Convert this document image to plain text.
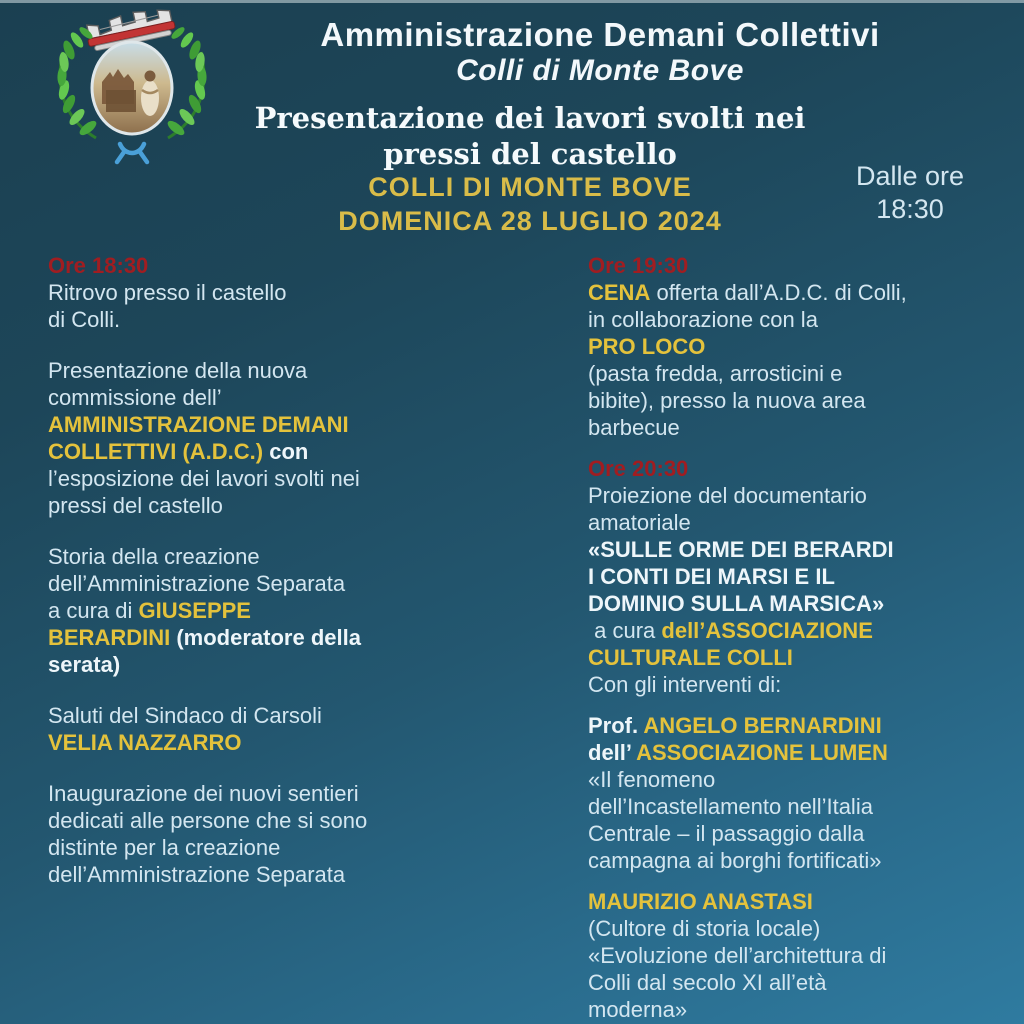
Amministrazione Demani Collettivi
Colli di Monte Bove
Presentazione dei lavori svolti nei
pressi del castello
COLLI DI MONTE BOVE
DOMENICA 28 LUGLIO 2024
Dalle ore
18:30

Ore 18:30
Ritrovo presso il castello
di Colli.

Presentazione della nuova
commissione dell’
AMMINISTRAZIONE DEMANI
COLLETTIVI (A.D.C.) con
l’esposizione dei lavori svolti nei
pressi del castello

Storia della creazione
dell’Amministrazione Separata
a cura di GIUSEPPE
BERARDINI (moderatore della
serata)

Saluti del Sindaco di Carsoli
VELIA NAZZARRO

Inaugurazione dei nuovi sentieri
dedicati alle persone che si sono
distinte per la creazione
dell’Amministrazione Separata

Ore 19:30
CENA offerta dall’A.D.C. di Colli,
in collaborazione con la
PRO LOCO
(pasta fredda, arrosticini e
bibite), presso la nuova area
barbecue

Ore 20:30
Proiezione del documentario
amatoriale
«SULLE ORME DEI BERARDI
I CONTI DEI MARSI E IL
DOMINIO SULLA MARSICA»
a cura dell’ASSOCIAZIONE
CULTURALE COLLI
Con gli interventi di:

Prof. ANGELO BERNARDINI
dell’ ASSOCIAZIONE LUMEN
«Il fenomeno
dell’Incastellamento nell’Italia
Centrale – il passaggio dalla
campagna ai borghi fortificati»

MAURIZIO ANASTASI
(Cultore di storia locale)
«Evoluzione dell’architettura di
Colli dal secolo XI all’età
moderna»
